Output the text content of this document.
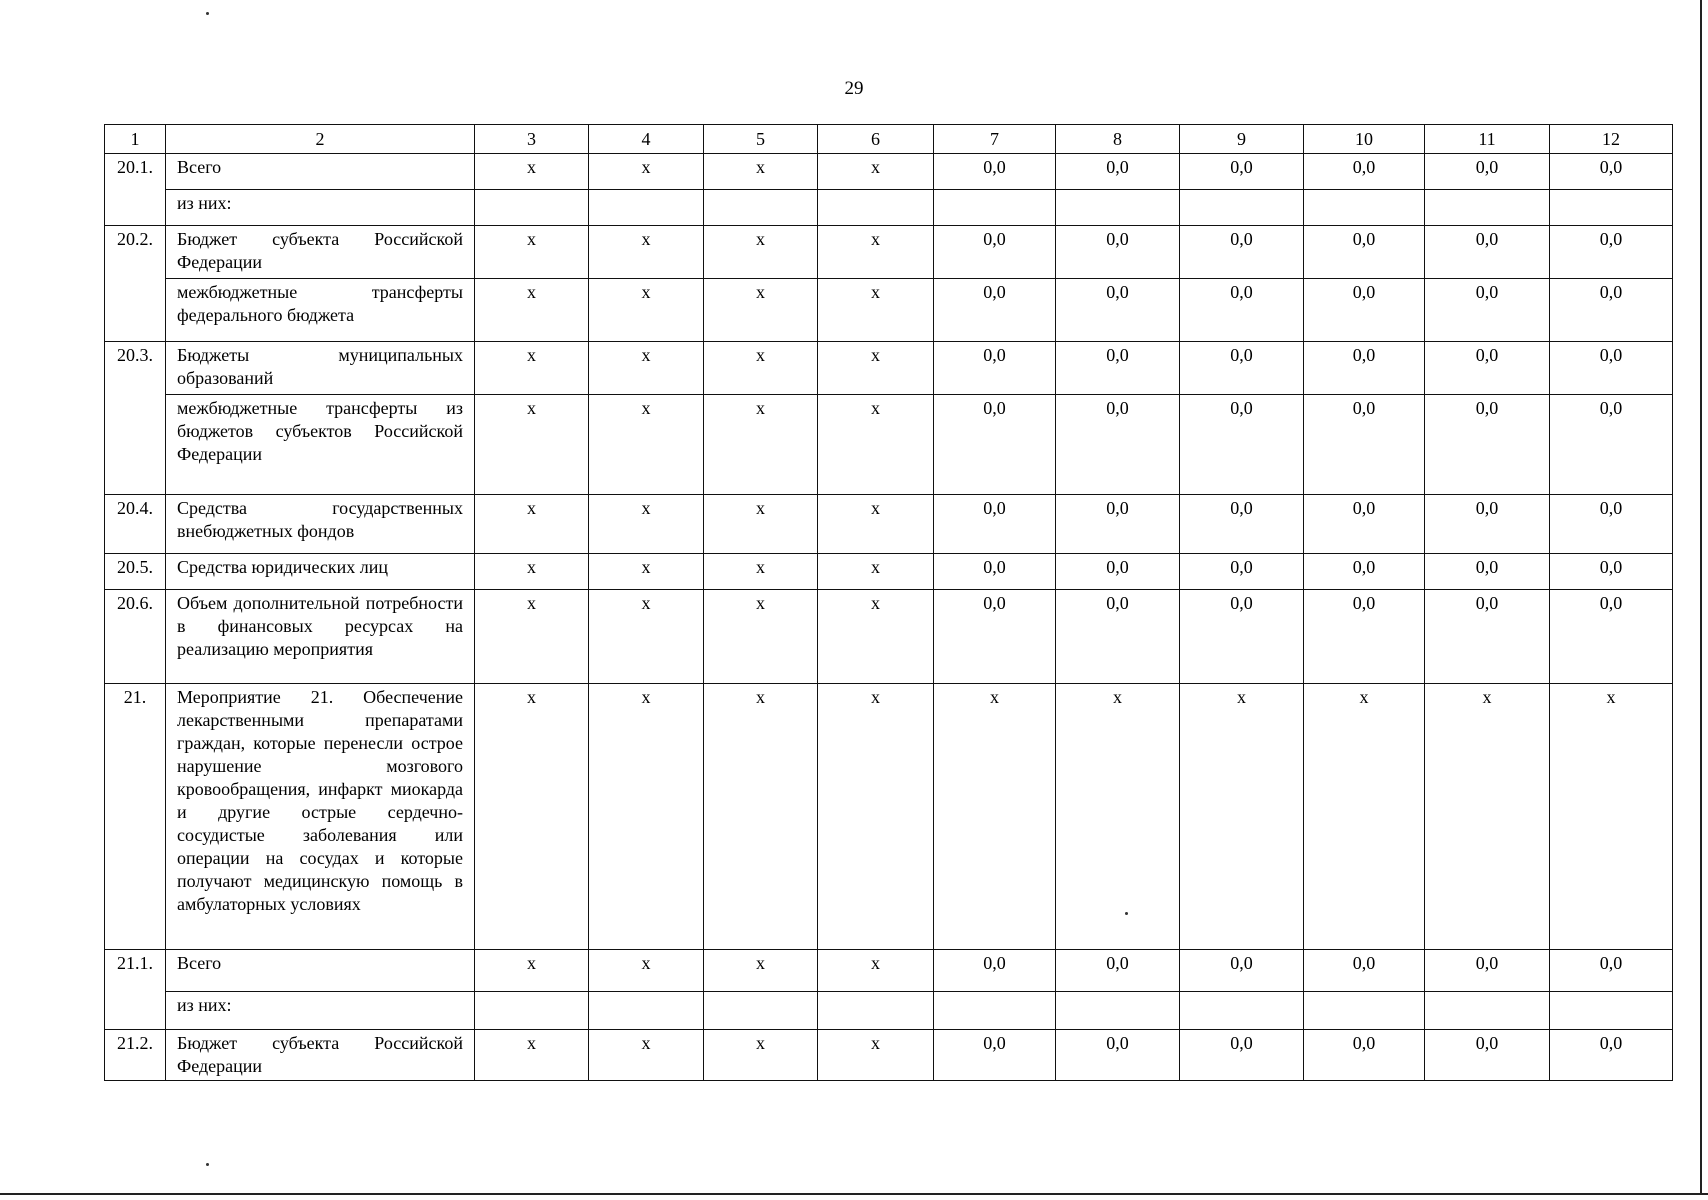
29
1	2	3	4	5	6	7	8	9	10	11	12
20.1.	Всего	х	х	х	х	0,0	0,0	0,0	0,0	0,0	0,0
	из них:										
20.2.	Бюджет субъекта Российской Федерации	х	х	х	х	0,0	0,0	0,0	0,0	0,0	0,0
	межбюджетные трансферты федерального бюджета	х	х	х	х	0,0	0,0	0,0	0,0	0,0	0,0
20.3.	Бюджеты муниципальных образований	х	х	х	х	0,0	0,0	0,0	0,0	0,0	0,0
	межбюджетные трансферты из бюджетов субъектов Российской Федерации	х	х	х	х	0,0	0,0	0,0	0,0	0,0	0,0
20.4.	Средства государственных внебюджетных фондов	х	х	х	х	0,0	0,0	0,0	0,0	0,0	0,0
20.5.	Средства юридических лиц	х	х	х	х	0,0	0,0	0,0	0,0	0,0	0,0
20.6.	Объем дополнительной потребности в финансовых ресурсах на реализацию мероприятия	х	х	х	х	0,0	0,0	0,0	0,0	0,0	0,0
21.	Мероприятие 21. Обеспечение лекарственными препаратами граждан, которые перенесли острое нарушение мозгового кровообращения, инфаркт миокарда и другие острые сердечно-сосудистые заболевания или операции на сосудах и которые получают медицинскую помощь в амбулаторных условиях	х	х	х	х	х	х	х	х	х	х
21.1.	Всего	х	х	х	х	0,0	0,0	0,0	0,0	0,0	0,0
	из них:										
21.2.	Бюджет субъекта Российской Федерации	х	х	х	х	0,0	0,0	0,0	0,0	0,0	0,0
